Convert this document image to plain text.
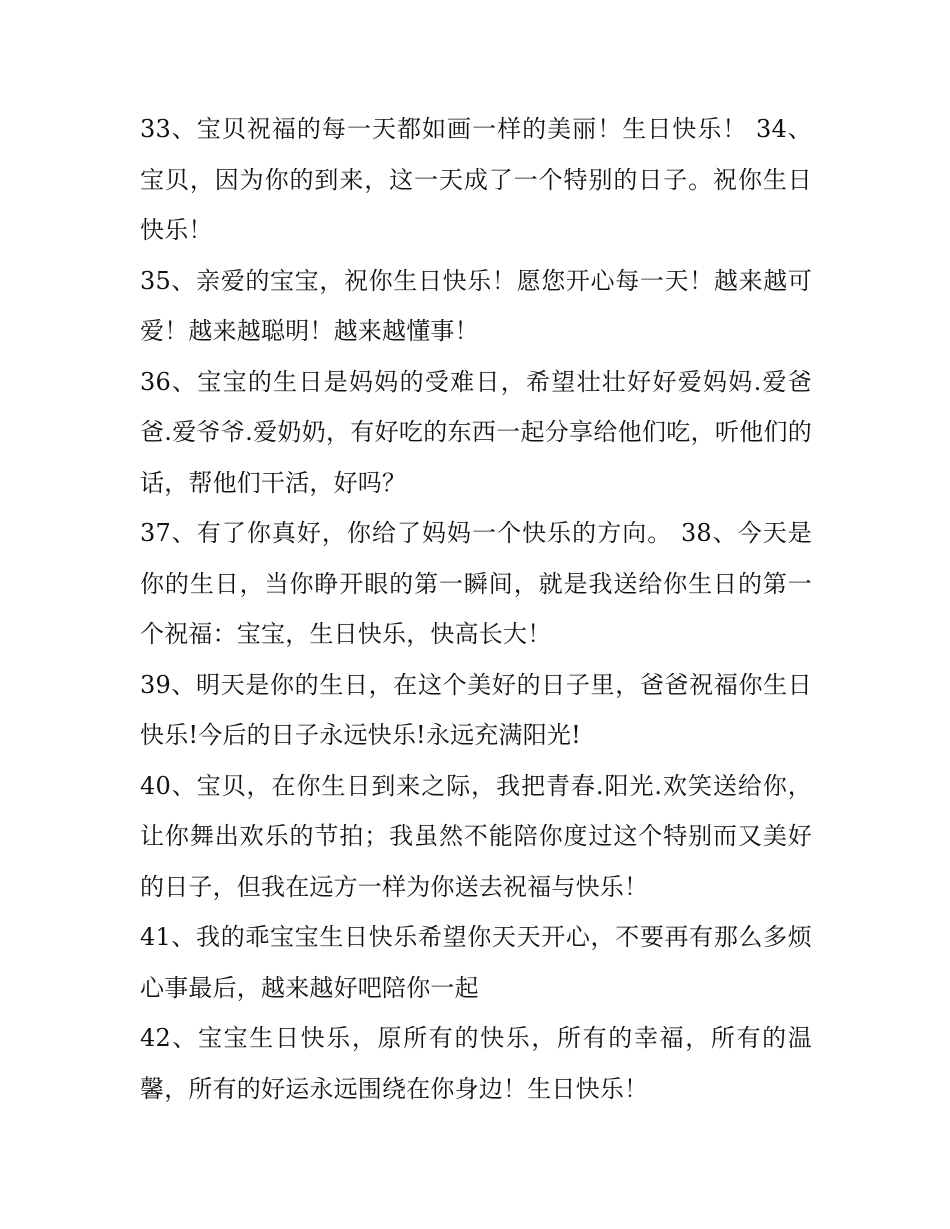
33、宝贝祝福的每一天都如画一样的美丽！生日快乐！ 34、宝贝，因为你的到来，这一天成了一个特别的日子。祝你生日快乐！

35、亲爱的宝宝，祝你生日快乐！愿您开心每一天！越来越可爱！越来越聪明！越来越懂事！

36、宝宝的生日是妈妈的受难日，希望壮壮好好爱妈妈.爱爸爸.爱爷爷.爱奶奶，有好吃的东西一起分享给他们吃，听他们的话，帮他们干活，好吗？

37、有了你真好，你给了妈妈一个快乐的方向。 38、今天是你的生日，当你睁开眼的第一瞬间，就是我送给你生日的第一个祝福：宝宝，生日快乐，快高长大！

39、明天是你的生日，在这个美好的日子里，爸爸祝福你生日快乐!今后的日子永远快乐!永远充满阳光!

40、宝贝，在你生日到来之际，我把青春.阳光.欢笑送给你，让你舞出欢乐的节拍；我虽然不能陪你度过这个特别而又美好的日子，但我在远方一样为你送去祝福与快乐！

41、我的乖宝宝生日快乐希望你天天开心，不要再有那么多烦心事最后，越来越好吧陪你一起

42、宝宝生日快乐，原所有的快乐，所有的幸福，所有的温馨，所有的好运永远围绕在你身边！生日快乐！
